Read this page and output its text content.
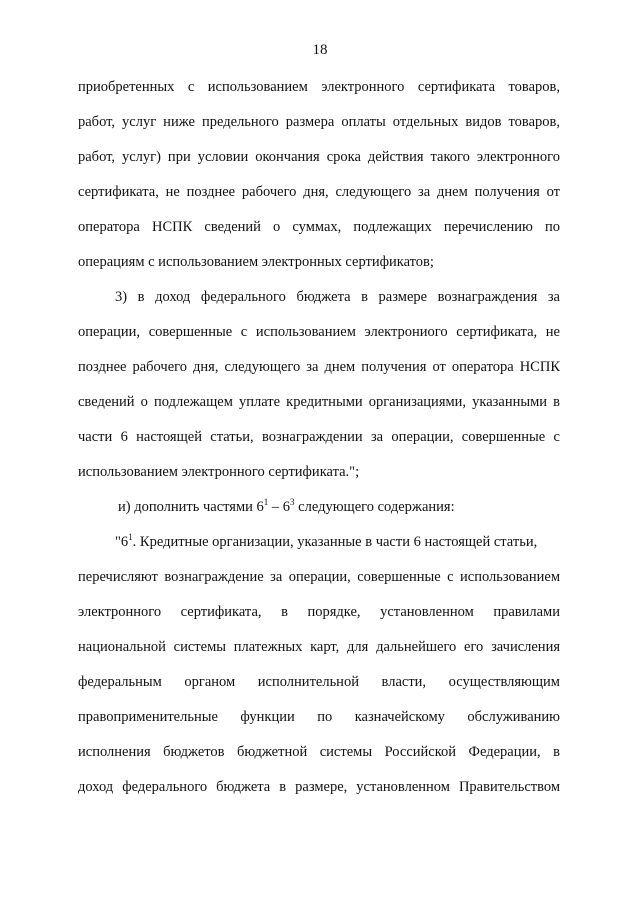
18
приобретенных с использованием электронного сертификата товаров,
работ, услуг ниже предельного размера оплаты отдельных видов товаров,
работ, услуг) при условии окончания срока действия такого электронного
сертификата, не позднее рабочего дня, следующего за днем получения от
оператора НСПК сведений о суммах, подлежащих перечислению по
операциям с использованием электронных сертификатов;
3) в доход федерального бюджета в размере вознаграждения за
операции, совершенные с использованием электрониого сертификата, не
позднее рабочего дня, следующего за днем получения от оператора НСПК
сведений о подлежащем уплате кредитными организациями, указанными в
части 6 настоящей статьи, вознаграждении за операции, совершенные с
использованием электронного сертификата.";
и) дополнить частями $6^1 - 6^3$ следующего содержания:
"$6^1$. Кредитные организации, указанные в части 6 настоящей статьи,
перечисляют вознаграждение за операции, совершенные с использованием
электронного сертификата, в порядке, установленном правилами
национальной системы платежных карт, для дальнейшего его зачисления
федеральным органом исполнительной власти, осуществляющим
правоприменительные функции по казначейскому обслуживанию
исполнения бюджетов бюджетной системы Российской Федерации, в
доход федерального бюджета в размере, установленном Правительством
